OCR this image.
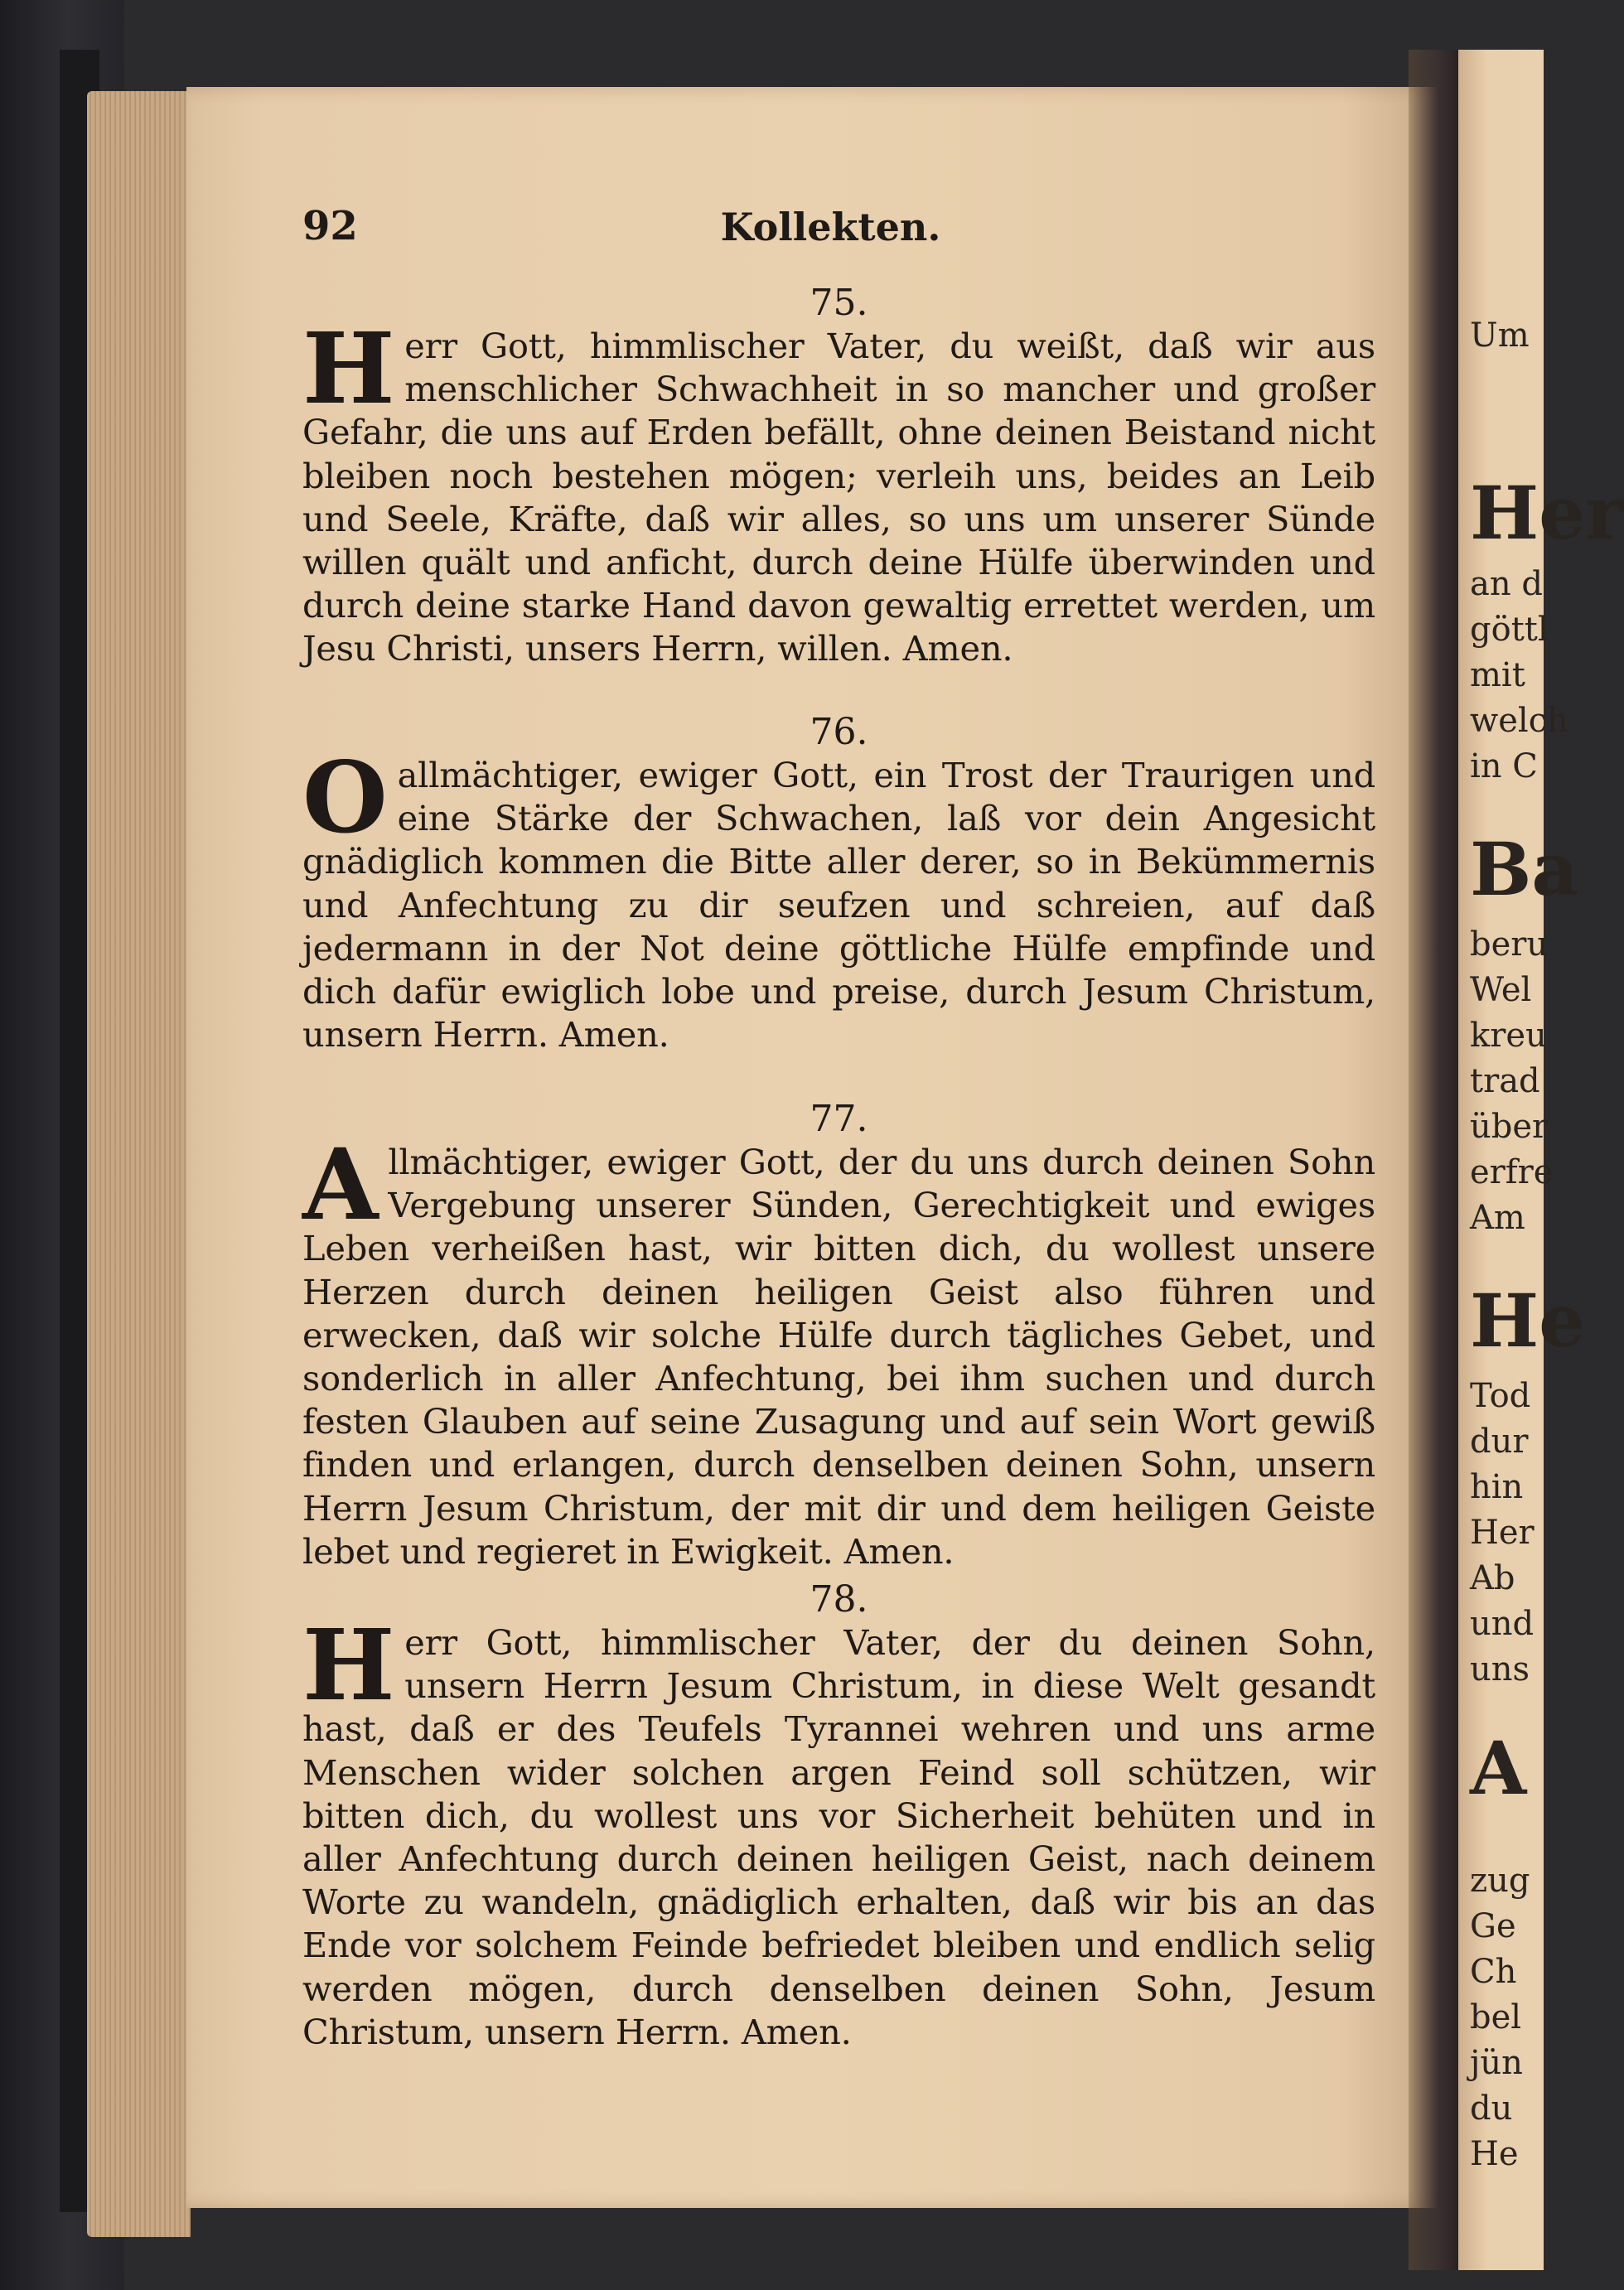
Um
Her
an d
göttl
mit
welch
in C
Ba
beru
Wel
kreu
trad
über
erfre
Am
He
Tod
dur
hin
Her
Ab
und
uns
A
zug
Ge
Ch
bel
jün
du
He
92	Kollekten.
75.
Herr Gott, himmlischer Vater, du weißt, daß wir aus menschlicher Schwachheit in so mancher und großer Gefahr, die uns auf Erden befällt, ohne deinen Beistand nicht bleiben noch bestehen mögen; verleih uns, beides an Leib und Seele, Kräfte, daß wir alles, so uns um unserer Sünde willen quält und anficht, durch deine Hülfe überwinden und durch deine starke Hand davon gewaltig errettet werden, um Jesu Christi, unsers Herrn, willen. Amen.
76.
Oallmächtiger, ewiger Gott, ein Trost der Traurigen und eine Stärke der Schwachen, laß vor dein Angesicht gnädiglich kommen die Bitte aller derer, so in Bekümmernis und Anfechtung zu dir seufzen und schreien, auf daß jedermann in der Not deine göttliche Hülfe empfinde und dich dafür ewiglich lobe und preise, durch Jesum Christum, unsern Herrn. Amen.
77.
Allmächtiger, ewiger Gott, der du uns durch deinen Sohn Vergebung unserer Sünden, Gerechtigkeit und ewiges Leben verheißen hast, wir bitten dich, du wollest unsere Herzen durch deinen heiligen Geist also führen und erwecken, daß wir solche Hülfe durch tägliches Gebet, und sonderlich in aller Anfechtung, bei ihm suchen und durch festen Glauben auf seine Zusagung und auf sein Wort gewiß finden und erlangen, durch denselben deinen Sohn, unsern Herrn Jesum Christum, der mit dir und dem heiligen Geiste lebet und regieret in Ewigkeit. Amen.
78.
Herr Gott, himmlischer Vater, der du deinen Sohn, unsern Herrn Jesum Christum, in diese Welt gesandt hast, daß er des Teufels Tyrannei wehren und uns arme Menschen wider solchen argen Feind soll schützen, wir bitten dich, du wollest uns vor Sicherheit behüten und in aller Anfechtung durch deinen heiligen Geist, nach deinem Worte zu wandeln, gnädiglich erhalten, daß wir bis an das Ende vor solchem Feinde befriedet bleiben und endlich selig werden mögen, durch denselben deinen Sohn, Jesum Christum, unsern Herrn. Amen.
